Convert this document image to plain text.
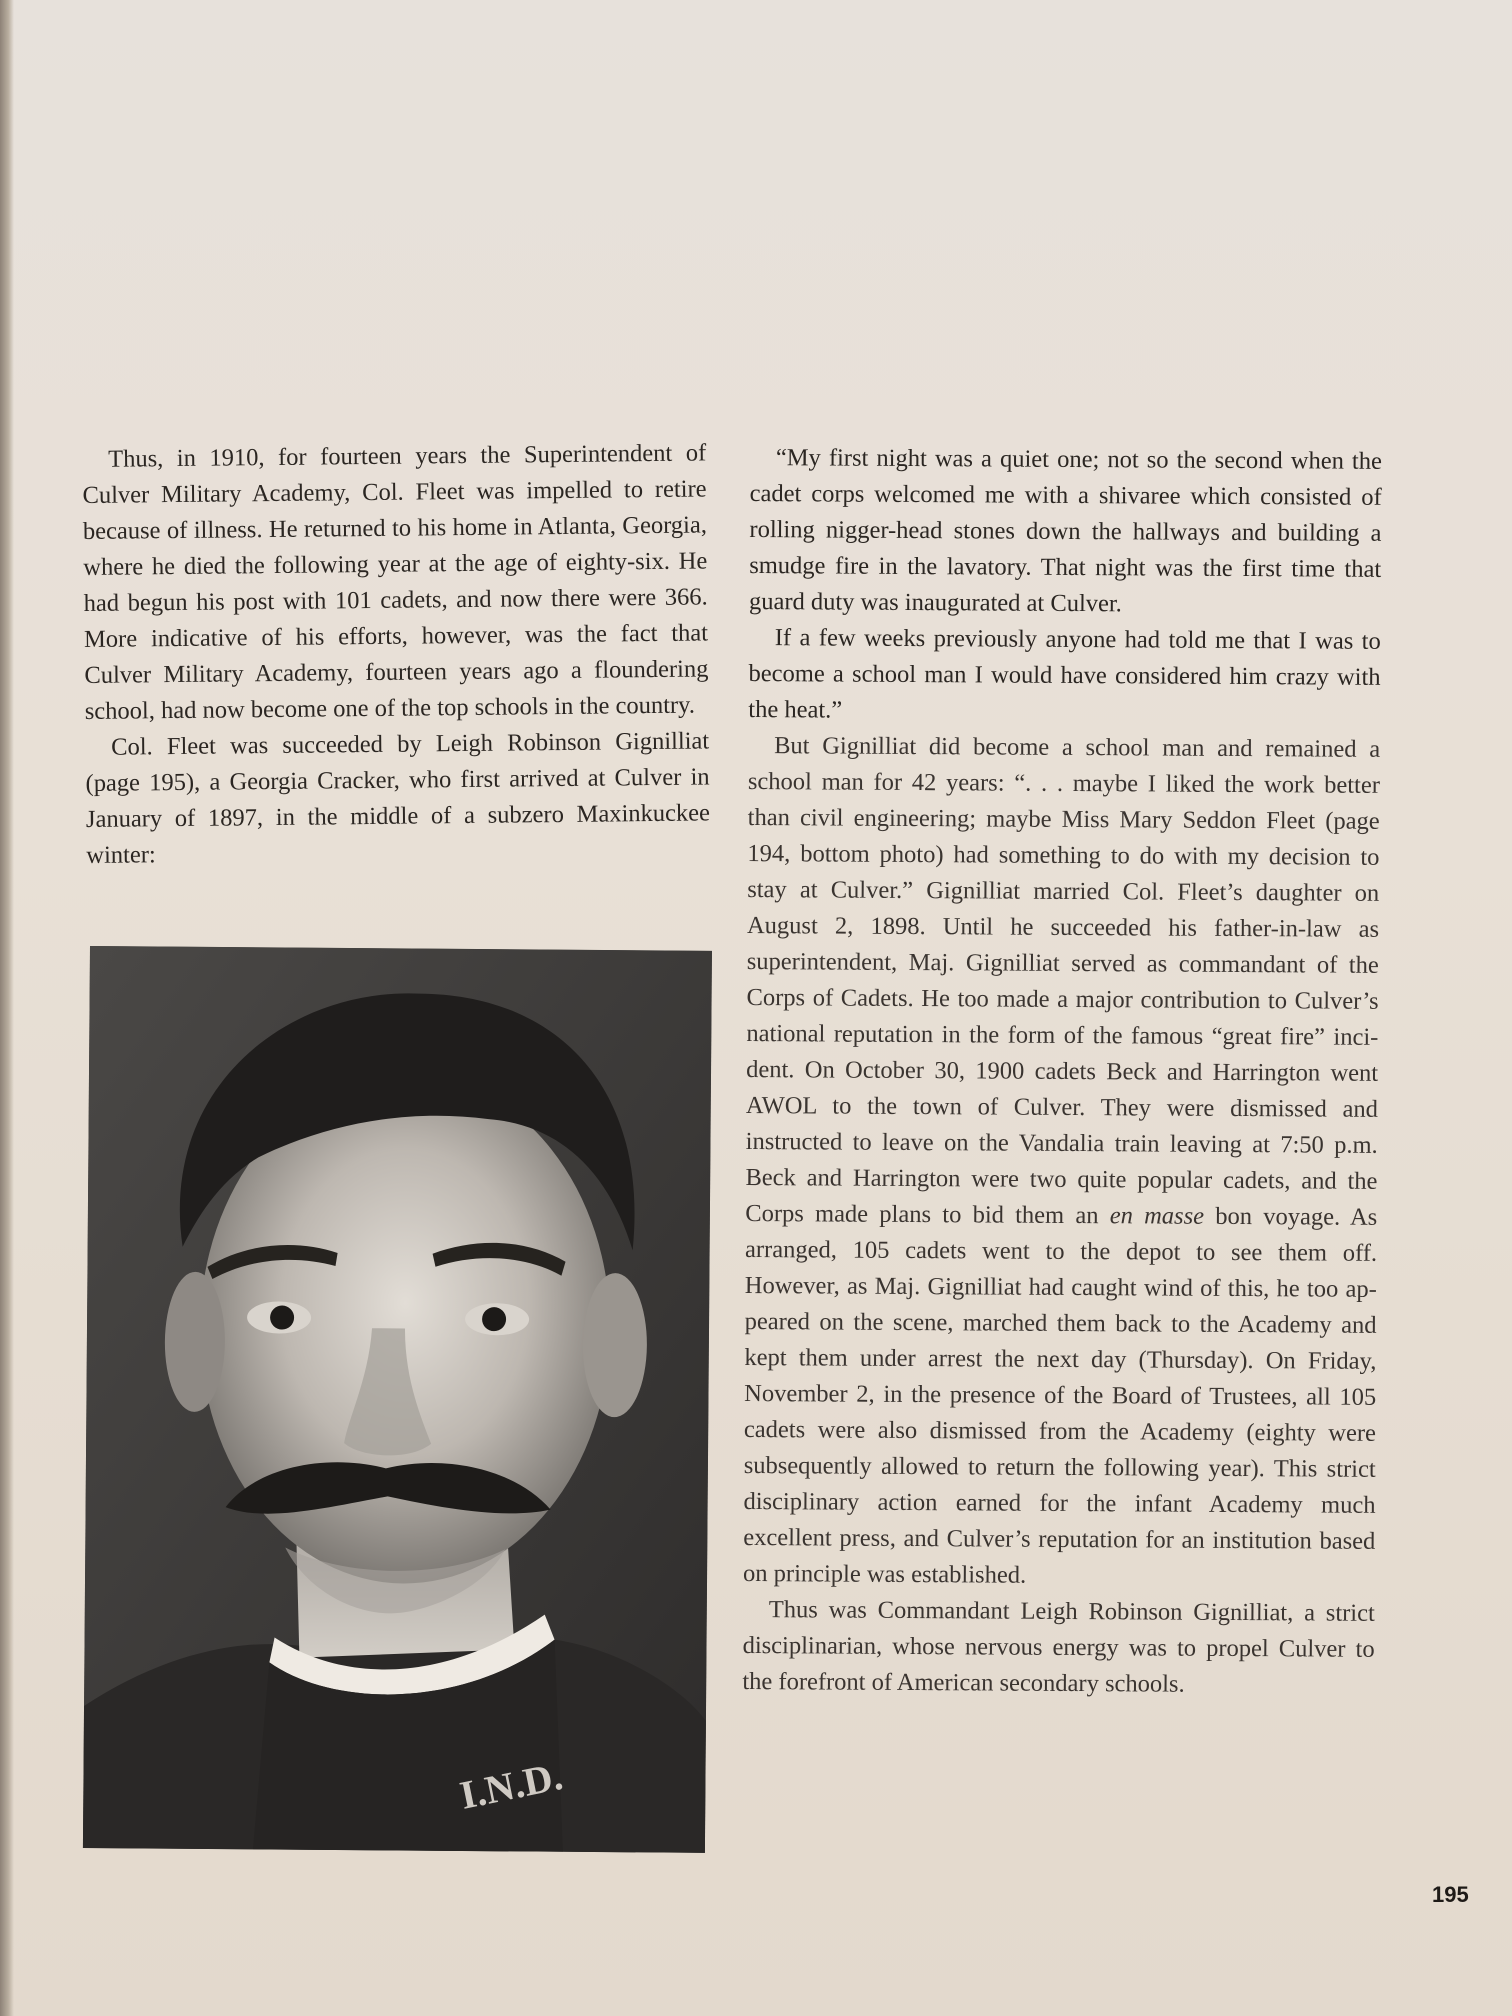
Thus, in 1910, for fourteen years the Superintendent of Culver Military Academy, Col. Fleet was impelled to retire because of illness. He returned to his home in Atlanta, Georgia, where he died the following year at the age of eighty-six. He had begun his post with 101 cadets, and now there were 366. More indicative of his efforts, however, was the fact that Culver Military Academy, fourteen years ago a floundering school, had now become one of the top schools in the country.

Col. Fleet was succeeded by Leigh Robinson Gignilliat (page 195), a Georgia Cracker, who first arrived at Culver in January of 1897, in the middle of a subzero Maxinkuckee winter:

I.N.D.

“My first night was a quiet one; not so the second when the cadet corps welcomed me with a shivaree which consisted of rolling nigger-head stones down the hallways and building a smudge fire in the lavatory. That night was the first time that guard duty was inaugurated at Culver.

If a few weeks previously anyone had told me that I was to become a school man I would have considered him crazy with the heat.”

But Gignilliat did become a school man and remained a school man for 42 years: “. . . maybe I liked the work better than civil engineering; maybe Miss Mary Seddon Fleet (page 194, bottom photo) had something to do with my decision to stay at Culver.” Gignilliat married Col. Fleet’s daughter on August 2, 1898. Until he succeeded his father-in-law as superintendent, Maj. Gignilliat served as commandant of the Corps of Cadets. He too made a major contribution to Culver’s national reputation in the form of the famous “great fire” incident. On October 30, 1900 cadets Beck and Harrington went AWOL to the town of Culver. They were dismissed and instructed to leave on the Vandalia train leaving at 7:50 p.m. Beck and Harrington were two quite popular cadets, and the Corps made plans to bid them an en masse bon voyage. As arranged, 105 cadets went to the depot to see them off. However, as Maj. Gignilliat had caught wind of this, he too appeared on the scene, marched them back to the Academy and kept them under arrest the next day (Thursday). On Friday, November 2, in the presence of the Board of Trustees, all 105 cadets were also dismissed from the Academy (eighty were subsequently allowed to return the following year). This strict disciplinary action earned for the infant Academy much excellent press, and Culver’s reputation for an institution based on principle was established.

Thus was Commandant Leigh Robinson Gignilliat, a strict disciplinarian, whose nervous energy was to propel Culver to the forefront of American secondary schools.

195
